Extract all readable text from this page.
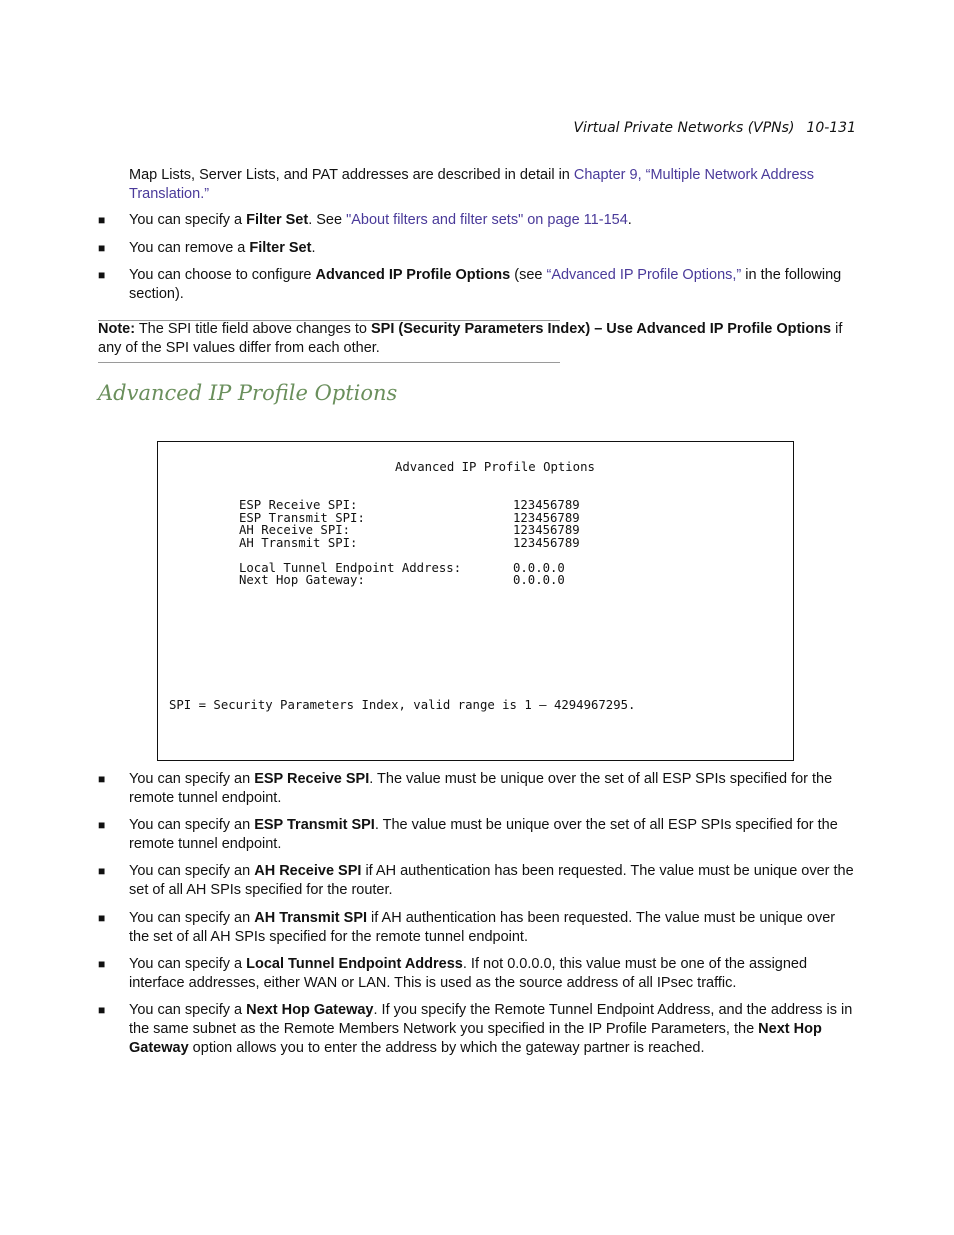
Virtual Private Networks (VPNs) 10-131
Map Lists, Server Lists, and PAT addresses are described in detail in Chapter 9, “Multiple Network Address Translation.”
■ You can specify a Filter Set. See "About filters and filter sets" on page 11-154.
■ You can remove a Filter Set.
■ You can choose to configure Advanced IP Profile Options (see “Advanced IP Profile Options,” in the following section).
Note: The SPI title field above changes to SPI (Security Parameters Index) – Use Advanced IP Profile Options if any of the SPI values differ from each other.
Advanced IP Profile Options
Advanced IP Profile Options
ESP Receive SPI:	123456789
ESP Transmit SPI:	123456789
AH Receive SPI:	123456789
AH Transmit SPI:	123456789
Local Tunnel Endpoint Address:	0.0.0.0
Next Hop Gateway:	0.0.0.0
SPI = Security Parameters Index, valid range is 1 – 4294967295.
■ You can specify an ESP Receive SPI. The value must be unique over the set of all ESP SPIs specified for the remote tunnel endpoint.
■ You can specify an ESP Transmit SPI. The value must be unique over the set of all ESP SPIs specified for the remote tunnel endpoint.
■ You can specify an AH Receive SPI if AH authentication has been requested. The value must be unique over the set of all AH SPIs specified for the router.
■ You can specify an AH Transmit SPI if AH authentication has been requested. The value must be unique over the set of all AH SPIs specified for the remote tunnel endpoint.
■ You can specify a Local Tunnel Endpoint Address. If not 0.0.0.0, this value must be one of the assigned interface addresses, either WAN or LAN. This is used as the source address of all IPsec traffic.
■ You can specify a Next Hop Gateway. If you specify the Remote Tunnel Endpoint Address, and the address is in the same subnet as the Remote Members Network you specified in the IP Profile Parameters, the Next Hop Gateway option allows you to enter the address by which the gateway partner is reached.
